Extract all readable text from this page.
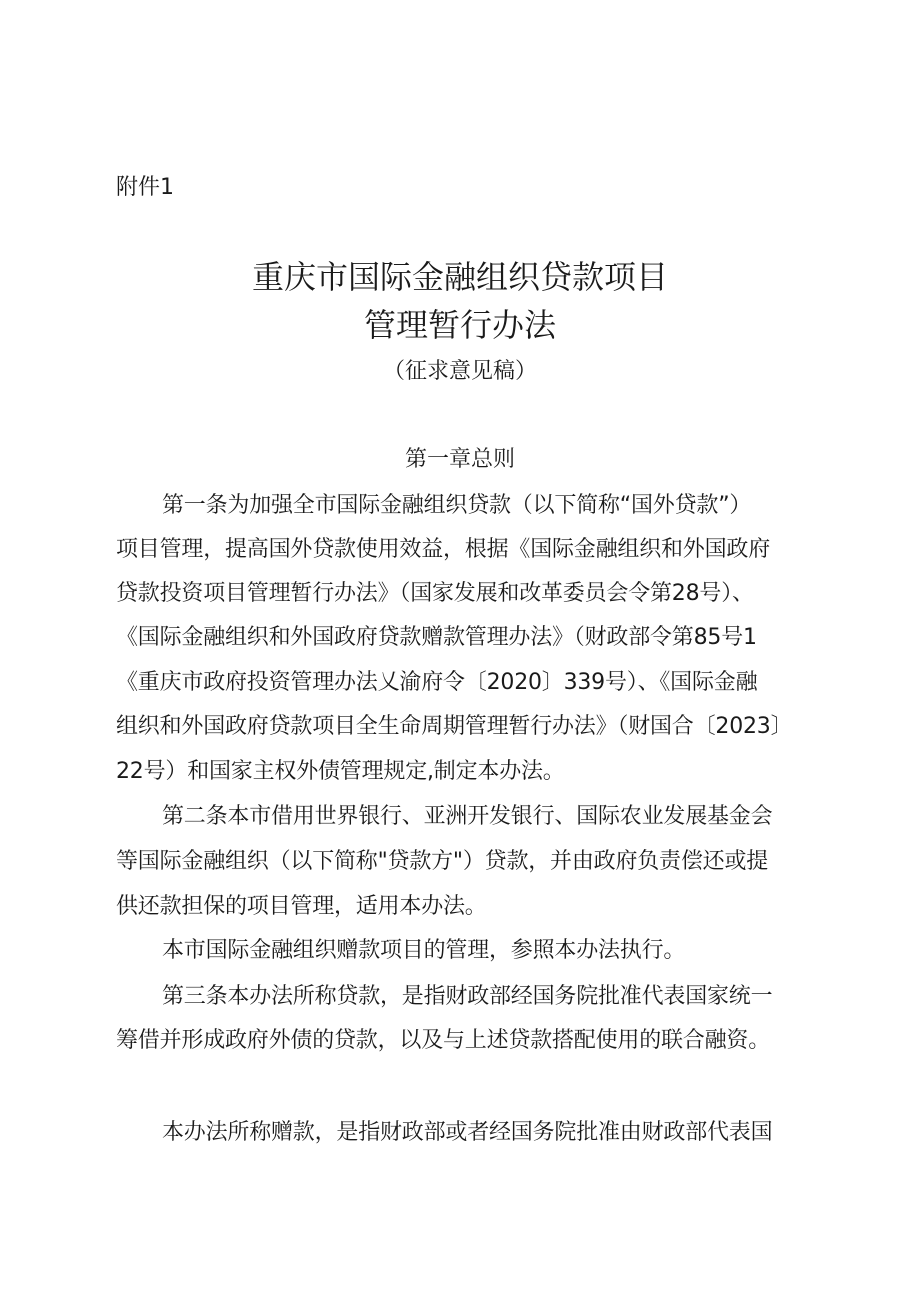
附件1
重庆市国际金融组织贷款项目
管理暂行办法
（征求意见稿）
第一章总则
第一条为加强全市国际金融组织贷款（以下简称“国外贷款”）
项目管理，提高国外贷款使用效益，根据《国际金融组织和外国政府
贷款投资项目管理暂行办法》（国家发展和改革委员会令第28号）、
《国际金融组织和外国政府贷款赠款管理办法》（财政部令第85号1
《重庆市政府投资管理办法乂渝府令〔2020〕339号）、《国际金融
组织和外国政府贷款项目全生命周期管理暂行办法》（财国合〔2023〕
22号）和国家主权外债管理规定,制定本办法。
第二条本市借用世界银行、亚洲开发银行、国际农业发展基金会
等国际金融组织（以下简称"贷款方"）贷款，并由政府负责偿还或提
供还款担保的项目管理，适用本办法。
本市国际金融组织赠款项目的管理，参照本办法执行。
第三条本办法所称贷款，是指财政部经国务院批准代表国家统一
筹借并形成政府外债的贷款，以及与上述贷款搭配使用的联合融资。
本办法所称赠款，是指财政部或者经国务院批准由财政部代表国
